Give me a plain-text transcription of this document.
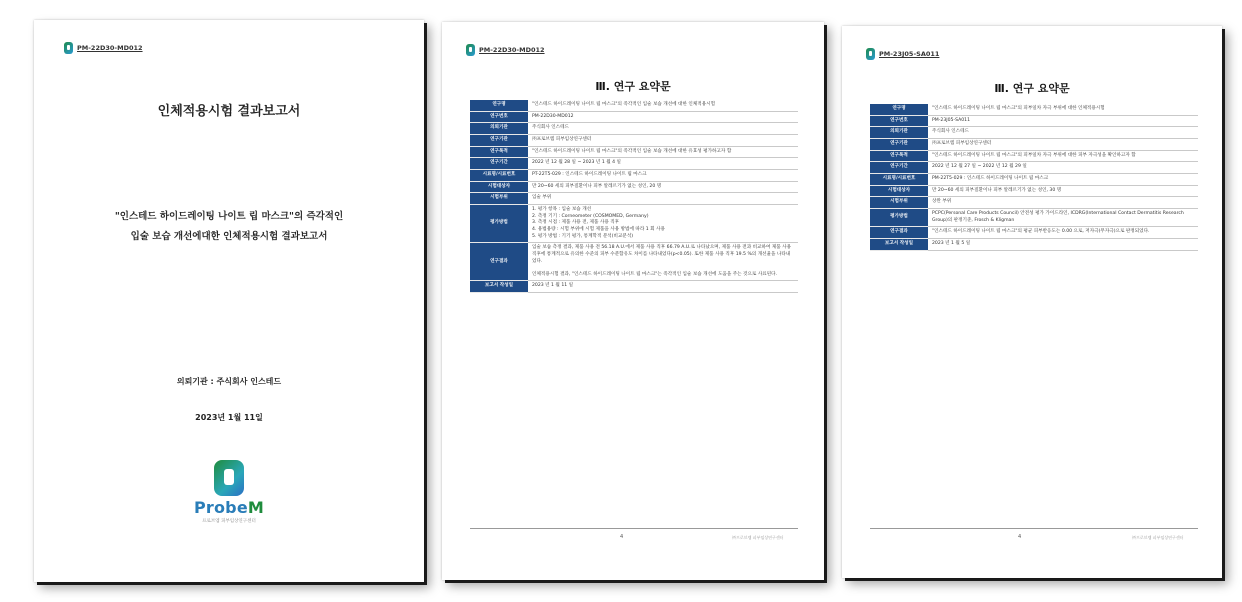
PM-22D30-MD012
인체적용시험 결과보고서
"인스테드 하이드레이팅 나이트 립 마스크"의 즉각적인
입술 보습 개선에대한 인체적용시험 결과보고서
의뢰기관 : 주식회사 인스테드
2023년 1월 11일
ProbeM
프로브엠 피부임상연구센터
PM-22D30-MD012
Ⅲ. 연구 요약문
연구명	"인스테드 하이드레이팅 나이트 립 마스크"의 즉각적인 입술 보습 개선에 대한 인체적용시험
연구번호	PM-22D30-MD012
의뢰기관	주식회사 인스테드
연구기관	㈜프로브엠 피부임상연구센터
연구목적	"인스테드 하이드레이팅 나이트 립 마스크"의 즉각적인 입술 보습 개선에 대한 유효성 평가하고자 함
연구기간	2022 년 12 월 28 일 ~ 2023 년 1 월 4 일
시료명/시료번호	PT-22T5-029 : 인스테드 하이드레이팅 나이트 립 마스크
시험대상자	만 20~60 세의 피부질환이나 피부 알레르기가 없는 성인, 20 명
시험부위	입술 부위
평가방법	1. 평가 항목 : 입술 보습 개선
2. 측정 기기 : Corneometer (COSMOMED, Germany)
3. 측정 시점 : 제품 사용 전, 제품 사용 직후
4. 용법용량 : 시험 부위에 시험 제품을 사용 방법에 따라 1 회 사용
5. 평가 방법 : 기기 평가, 통계학적 분석(비교분석)
연구결과	입술 보습 측정 결과, 제품 사용 전 56.18 A.U.에서 제품 사용 직후 66.79 A.U.로 나타났으며, 제품 사용 전과 비교하여 제품 사용 직후에 통계적으로 유의한 수준의 피부 수분함유도 차이를 나타내었다(p<0.05). 또한 제품 사용 직후 19.5 %의 개선율을 나타내었다.

인체적용시험 결과, "인스테드 하이드레이팅 나이트 립 마스크"는 즉각적인 입술 보습 개선에 도움을 주는 것으로 사료된다.
보고서 작성일	2023 년 1 월 11 일
4	㈜프로브엠 피부임상연구센터
PM-23J05-SA011
Ⅲ. 연구 요약문
연구명	"인스테드 하이드레이팅 나이트 립 마스크"의 피부일차 자극 부위에 대한 인체적용시험
연구번호	PM-23J05-SA011
의뢰기관	주식회사 인스테드
연구기관	㈜프로브엠 피부임상연구센터
연구목적	"인스테드 하이드레이팅 나이트 립 마스크"의 피부일차 자극 부위에 대한 피부 자극성을 확인하고자 함
연구기간	2022 년 12 월 27 일 ~ 2022 년 12 월 29 일
시료명/시료번호	PM-22T5-029 : 인스테드 하이드레이팅 나이트 립 마스크
시험대상자	만 20~60 세의 피부질환이나 피부 알레르기가 없는 성인, 30 명
시험부위	상완 부위
평가방법	PCPC(Personal Care Products Council) 안전성 평가 가이드라인, ICDRG(International Contact Dermatitis Research Group)의 판정기준, Frosch & Kligman
연구결과	"인스테드 하이드레이팅 나이트 립 마스크"의 평균 피부반응도는 0.00 으로, 저자극(무자극)으로 판정되었다.
보고서 작성일	2023 년 1 월 5 일
4	㈜프로브엠 피부임상연구센터
